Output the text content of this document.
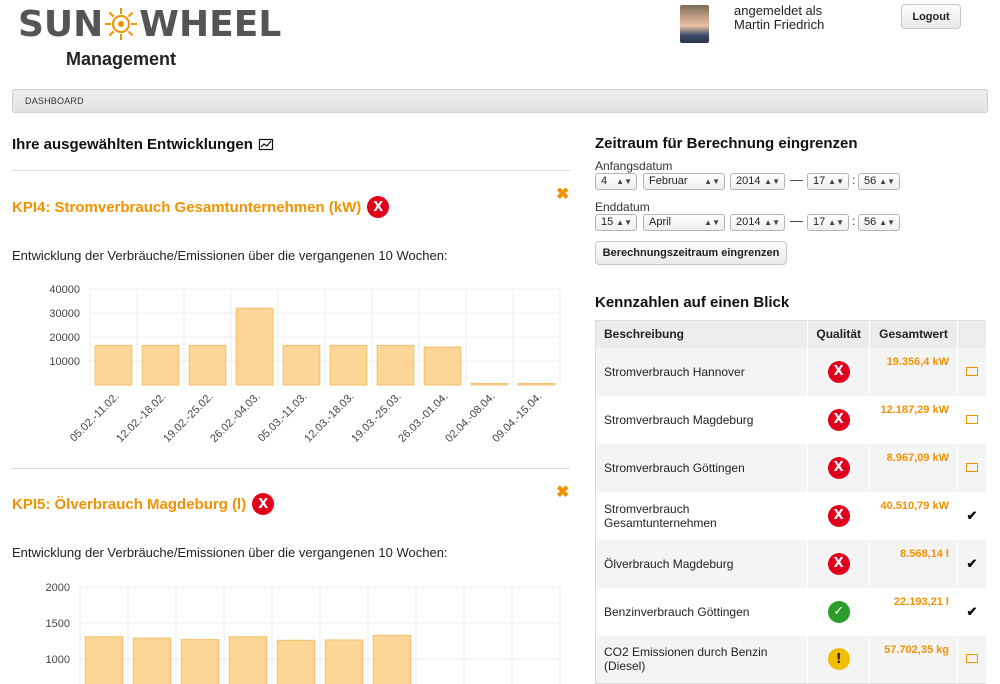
SUN WHEEL
Management
angemeldet als
Martin Friedrich
Logout
DASHBOARD
Ihre ausgewählten Entwicklungen
KPI4: Stromverbrauch Gesamtunternehmen (kW) X
✖
Entwicklung der Verbräuche/Emissionen über die vergangenen 10 Wochen:
10000
20000
30000
40000
05.02.-11.02.
12.02.-18.02.
19.02.-25.02.
26.02.-04.03.
05.03.-11.03.
12.03.-18.03.
19.03.-25.03.
26.03.-01.04.
02.04.-08.04.
09.04.-15.04.
KPI5: Ölverbrauch Magdeburg (l) X
✖
Entwicklung der Verbräuche/Emissionen über die vergangenen 10 Wochen:
1000
1500
2000
Zeitraum für Berechnung eingrenzen
Anfangsdatum
4 ▲▼	Februar ▲▼	2014 ▲▼ — 17 ▲▼ : 56 ▲▼
Enddatum
15 ▲▼	April	▲▼	2014 ▲▼ — 17 ▲▼ : 56 ▲▼
Berechnungszeitraum eingrenzen
Kennzahlen auf einen Blick
Beschreibung	Qualität	Gesamtwert	
Stromverbrauch Hannover	X	19.356,4 kW	
Stromverbrauch Magdeburg	X	12.187,29 kW	
Stromverbrauch Göttingen	X	8.967,09 kW	
Stromverbrauch Gesamtunternehmen	X	40.510,79 kW	✔
Ölverbrauch Magdeburg	X	8.568,14 l	✔
Benzinverbrauch Göttingen	✓	22.193,21 l	✔
CO2 Emissionen durch Benzin (Diesel)	!	57.702,35 kg	
